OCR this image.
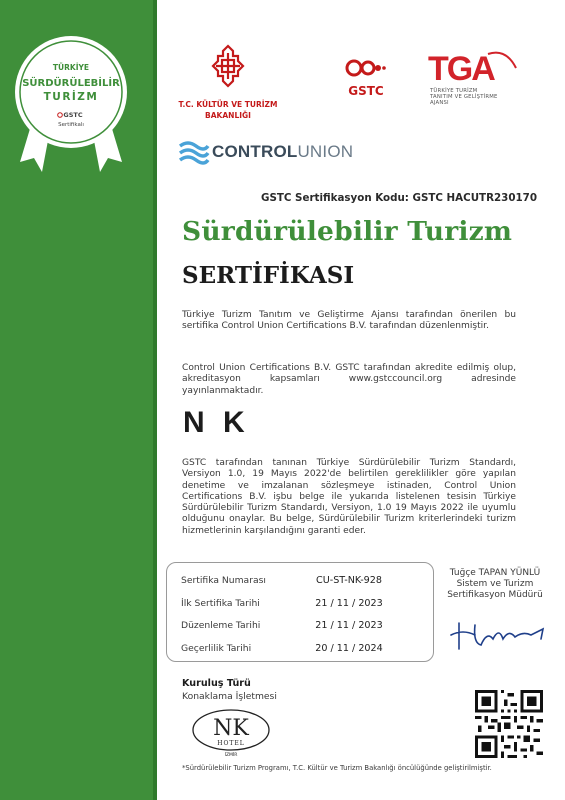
TÜRKİYE
SÜRDÜRÜLEBİLİR
TURİZM
GSTC
Sertifikalı
T.C. KÜLTÜR VE TURİZM
BAKANLIĞI
GSTC
TGA
TÜRKİYE TURİZM
TANITIM VE GELİŞTİRME
AJANSI
CONTROLUNION
GSTC Sertifikasyon Kodu: GSTC HACUTR230170
Sürdürülebilir Turizm
SERTİFİKASI
Türkiye Turizm Tanıtım ve Geliştirme Ajansı tarafından önerilen bu sertifika Control Union Certifications B.V. tarafından düzenlenmiştir.
Control Union Certifications B.V. GSTC tarafından akredite edilmiş olup, akreditasyon kapsamları www.gstccouncil.org adresinde yayınlanmaktadır.
N K
GSTC tarafından tanınan Türkiye Sürdürülebilir Turizm Standardı, Versiyon 1.0, 19 Mayıs 2022'de belirtilen gereklilikler göre yapılan denetime ve imzalanan sözleşmeye istinaden, Control Union Certifications B.V. işbu belge ile yukarıda listelenen tesisin Türkiye Sürdürülebilir Turizm Standardı, Versiyon, 1.0 19 Mayıs 2022 ile uyumlu olduğunu onaylar. Bu belge, Sürdürülebilir Turizm kriterlerindeki turizm hizmetlerinin karşılandığını garanti eder.
Sertifika Numarası	CU-ST-NK-928
İlk Sertifika Tarihi	21 / 11 / 2023
Düzenleme Tarihi	21 / 11 / 2023
Geçerlilik Tarihi	20 / 11 / 2024
Tuğçe TAPAN YÜNLÜ
Sistem ve Turizm
Sertifikasyon Müdürü
Kuruluş Türü
Konaklama İşletmesi
NK
HOTEL
İZMİR
*Sürdürülebilir Turizm Programı, T.C. Kültür ve Turizm Bakanlığı öncülüğünde geliştirilmiştir.
